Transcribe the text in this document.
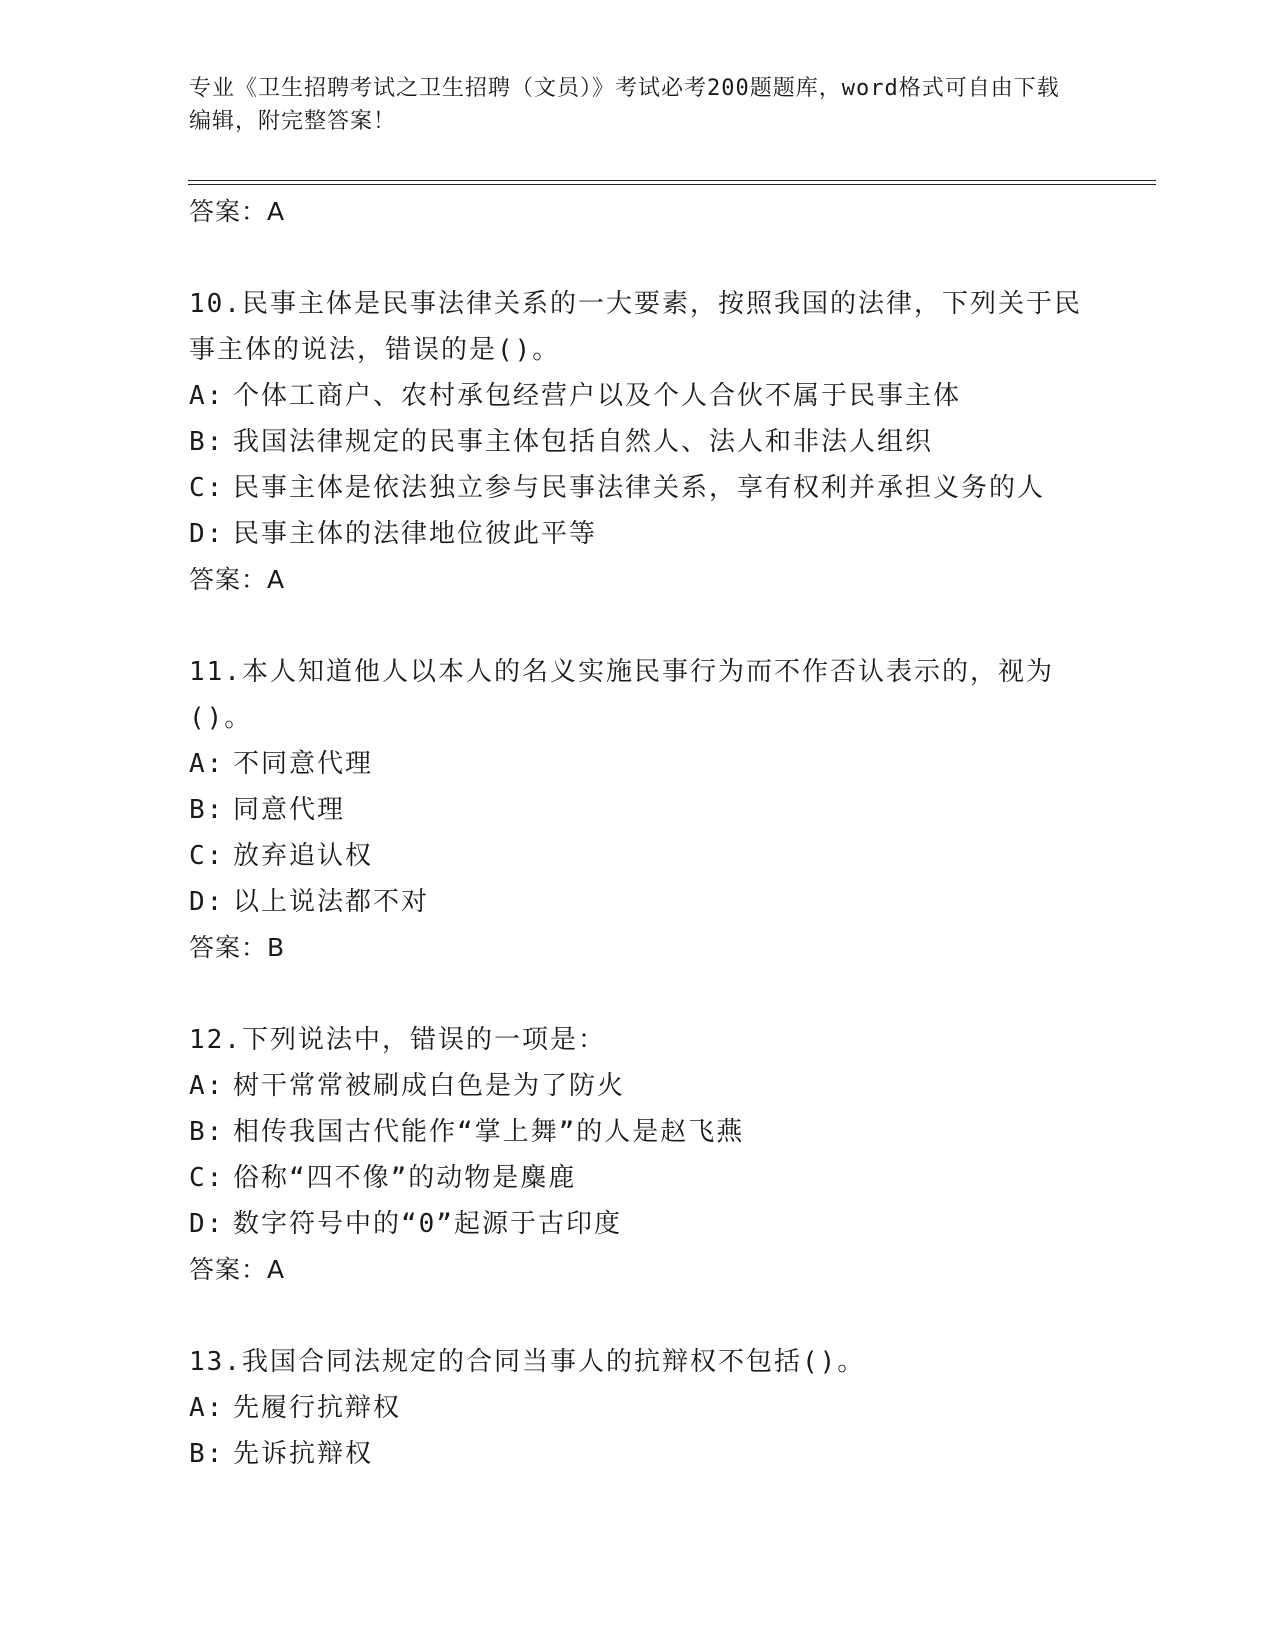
专业《卫生招聘考试之卫生招聘（文员）》考试必考200题题库，word格式可自由下载编辑，附完整答案！
答案：A
10.民事主体是民事法律关系的一大要素，按照我国的法律，下列关于民事主体的说法，错误的是()。
A: 个体工商户、农村承包经营户以及个人合伙不属于民事主体
B: 我国法律规定的民事主体包括自然人、法人和非法人组织
C: 民事主体是依法独立参与民事法律关系，享有权利并承担义务的人
D: 民事主体的法律地位彼此平等
答案：A
11.本人知道他人以本人的名义实施民事行为而不作否认表示的，视为()。
A: 不同意代理
B: 同意代理
C: 放弃追认权
D: 以上说法都不对
答案：B
12.下列说法中，错误的一项是：
A: 树干常常被刷成白色是为了防火
B: 相传我国古代能作“掌上舞”的人是赵飞燕
C: 俗称“四不像”的动物是麋鹿
D: 数字符号中的“0”起源于古印度
答案：A
13.我国合同法规定的合同当事人的抗辩权不包括()。
A: 先履行抗辩权
B: 先诉抗辩权
